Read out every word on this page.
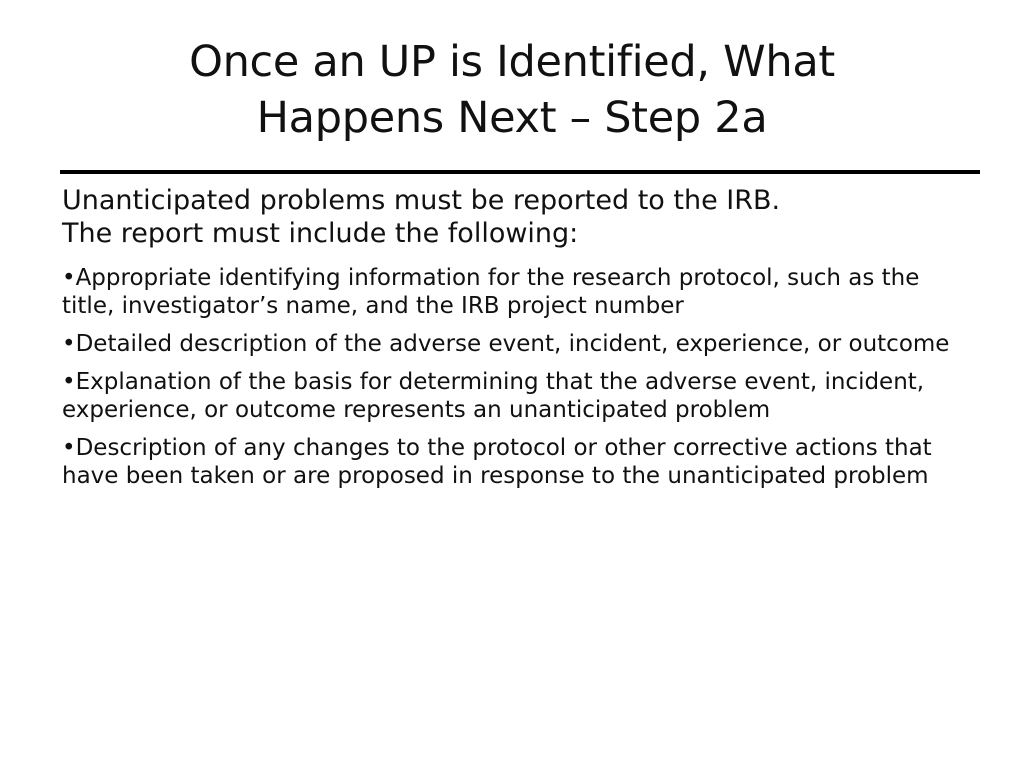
Once an UP is Identified, What
Happens Next – Step 2a
Unanticipated problems must be reported to the IRB.
The report must include the following:
•Appropriate identifying information for the research protocol, such as the title, investigator’s name, and the IRB project number
•Detailed description of the adverse event, incident, experience, or outcome
•Explanation of the basis for determining that the adverse event, incident, experience, or outcome represents an unanticipated problem
•Description of any changes to the protocol or other corrective actions that have been taken or are proposed in response to the unanticipated problem
